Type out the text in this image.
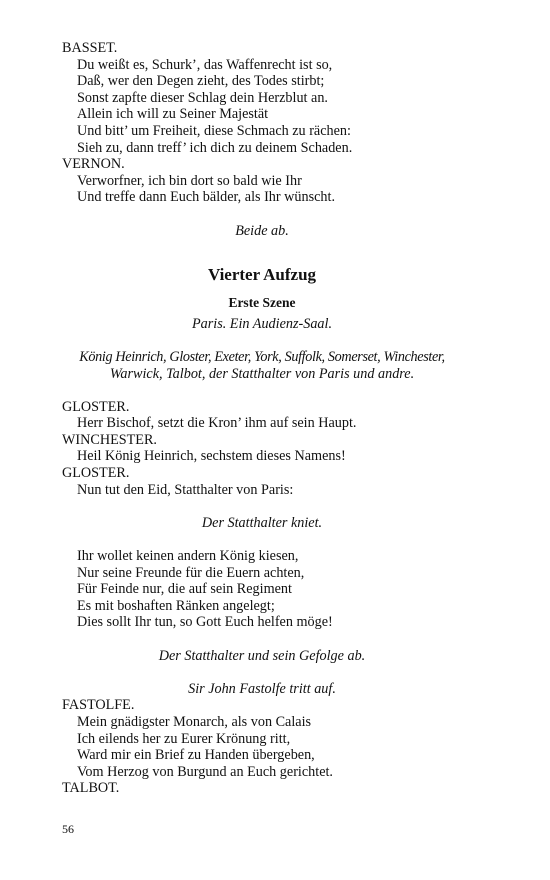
BASSET.
Du weißt es, Schurk’, das Waffenrecht ist so,
Daß, wer den Degen zieht, des Todes stirbt;
Sonst zapfte dieser Schlag dein Herzblut an.
Allein ich will zu Seiner Majestät
Und bitt’ um Freiheit, diese Schmach zu rächen:
Sieh zu, dann treff’ ich dich zu deinem Schaden.
VERNON.
Verworfner, ich bin dort so bald wie Ihr
Und treffe dann Euch bälder, als Ihr wünscht.
Beide ab.
Vierter Aufzug
Erste Szene
Paris. Ein Audienz-Saal.
König Heinrich, Gloster, Exeter, York, Suffolk, Somerset, Winchester,
Warwick, Talbot, der Statthalter von Paris und andre.
GLOSTER.
Herr Bischof, setzt die Kron’ ihm auf sein Haupt.
WINCHESTER.
Heil König Heinrich, sechstem dieses Namens!
GLOSTER.
Nun tut den Eid, Statthalter von Paris:
Der Statthalter kniet.
Ihr wollet keinen andern König kiesen,
Nur seine Freunde für die Euern achten,
Für Feinde nur, die auf sein Regiment
Es mit boshaften Ränken angelegt;
Dies sollt Ihr tun, so Gott Euch helfen möge!
Der Statthalter und sein Gefolge ab.
Sir John Fastolfe tritt auf.
FASTOLFE.
Mein gnädigster Monarch, als von Calais
Ich eilends her zu Eurer Krönung ritt,
Ward mir ein Brief zu Handen übergeben,
Vom Herzog von Burgund an Euch gerichtet.
TALBOT.
56
